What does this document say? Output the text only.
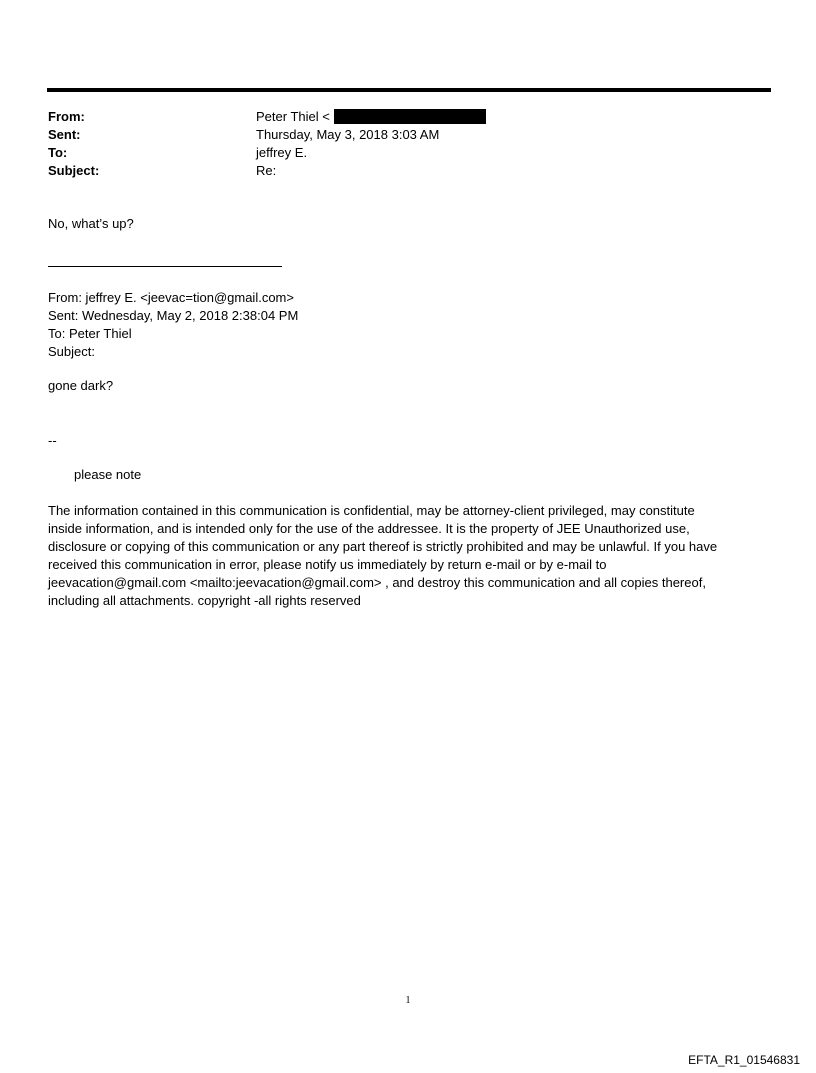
From:	Peter Thiel <
Sent:	Thursday, May 3, 2018 3:03 AM
To:	jeffrey E.
Subject:	Re:
No, what’s up?
From: jeffrey E. <jeevac=tion@gmail.com>
Sent: Wednesday, May 2, 2018 2:38:04 PM
To: Peter Thiel
Subject:
gone dark?
--
please note
The information contained in this communication is confidential, may be attorney-client privileged, may constitute
inside information, and is intended only for the use of the addressee. It is the property of JEE Unauthorized use,
disclosure or copying of this communication or any part thereof is strictly prohibited and may be unlawful. If you have
received this communication in error, please notify us immediately by return e-mail or by e-mail to
jeevacation@gmail.com <mailto:jeevacation@gmail.com> , and destroy this communication and all copies thereof,
including all attachments. copyright -all rights reserved
1
EFTA_R1_01546831
